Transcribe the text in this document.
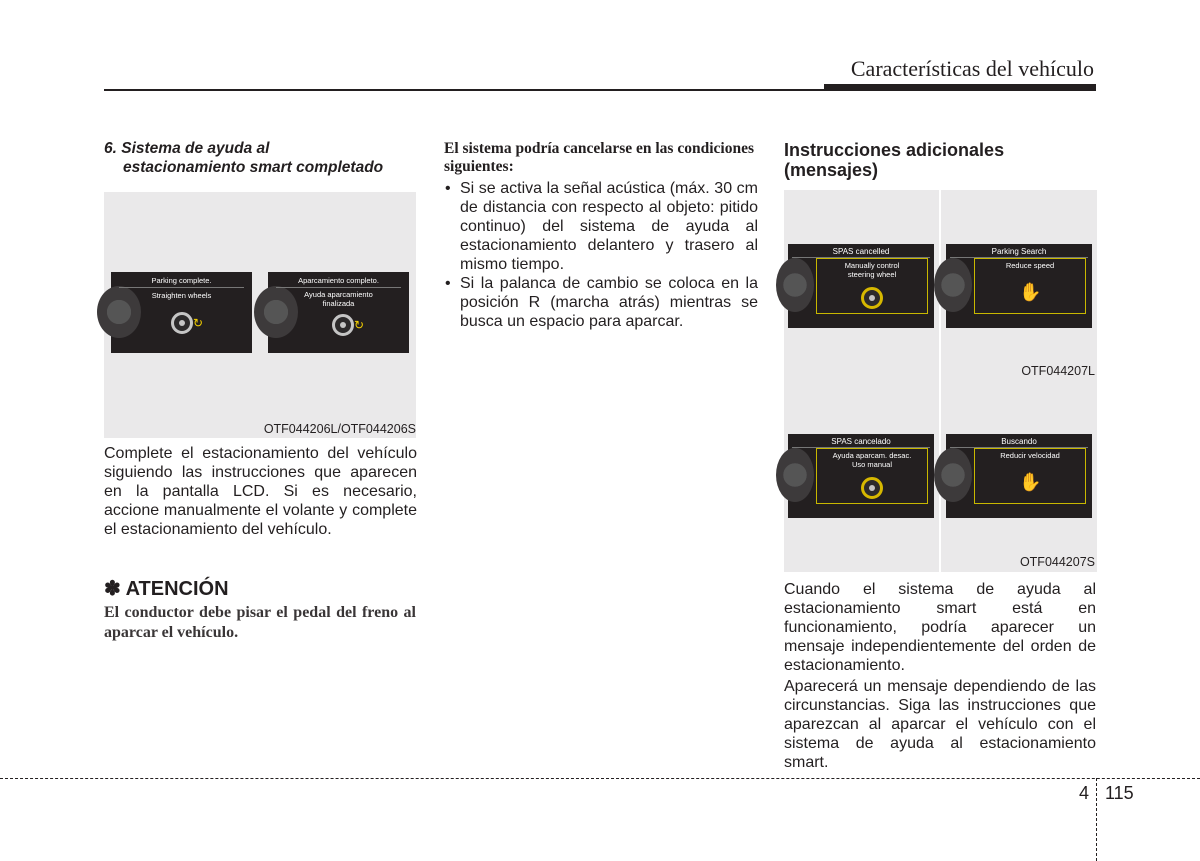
Características del vehículo
6. Sistema de ayuda al
estacionamiento smart completado
Parking complete.
Straighten wheels
↻
Aparcamiento completo.
Ayuda aparcamiento
finalizada
↻
OTF044206L/OTF044206S
Complete el estacionamiento del vehículo siguiendo las instrucciones que aparecen en la pantalla LCD. Si es necesario, accione manualmente el volante y complete el estacionamiento del vehículo.
✽ ATENCIÓN
El conductor debe pisar el pedal del freno al aparcar el vehículo.
El sistema podría cancelarse en las condiciones siguientes:
• Si se activa la señal acústica (máx. 30 cm de distancia con respecto al objeto: pitido continuo) del sistema de ayuda al estacionamiento delantero y trasero al mismo tiempo.
• Si la palanca de cambio se coloca en la posición R (marcha atrás) mientras se busca un espacio para aparcar.
Instrucciones adicionales
(mensajes)
SPAS cancelled
Manually control
steering wheel
Parking Search
Reduce speed
✋
OTF044207L
SPAS cancelado
Ayuda aparcam. desac.
Uso manual
Buscando
Reducir velocidad
✋
OTF044207S
Cuando el sistema de ayuda al estacionamiento smart está en funcionamiento, podría aparecer un mensaje independientemente del orden de estacionamiento.
Aparecerá un mensaje dependiendo de las circunstancias. Siga las instrucciones que aparezcan al aparcar el vehículo con el sistema de ayuda al estacionamiento smart.
4 115
